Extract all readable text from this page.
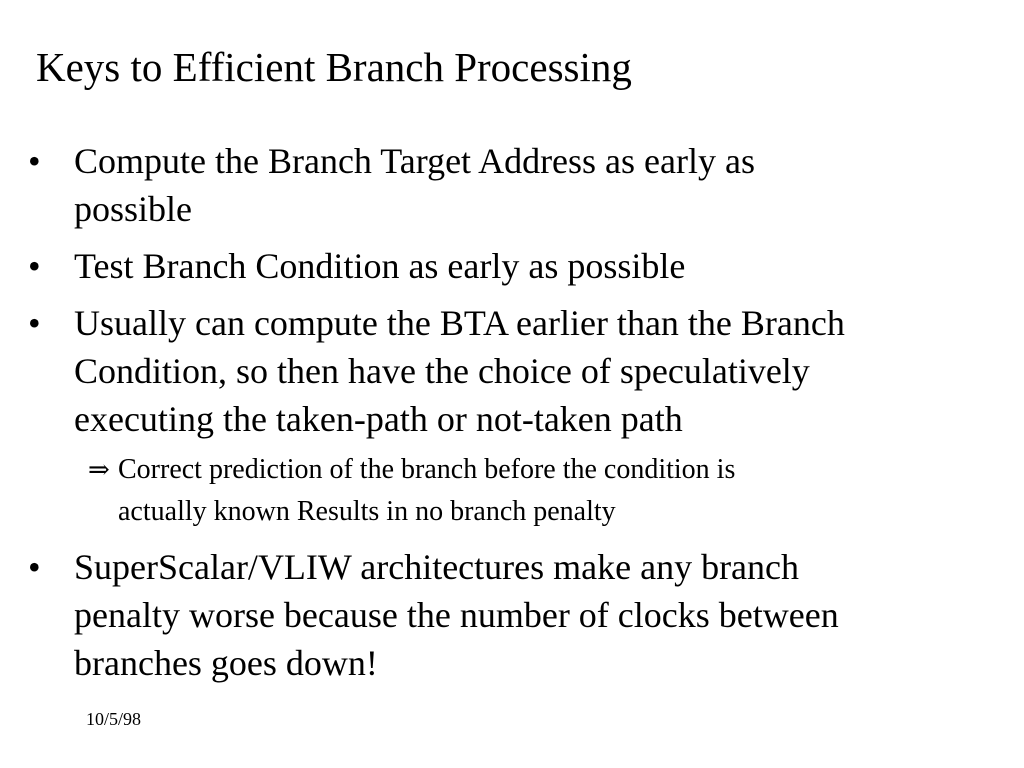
Keys to Efficient Branch Processing
• Compute the Branch Target Address as early as
possible
• Test Branch Condition as early as possible
• Usually can compute the BTA earlier than the Branch
Condition, so then have the choice of speculatively
executing the taken-path or not-taken path
⇒ Correct prediction of the branch before the condition is
actually known Results in no branch penalty
• SuperScalar/VLIW architectures make any branch
penalty worse because the number of clocks between
branches goes down!
10/5/98
